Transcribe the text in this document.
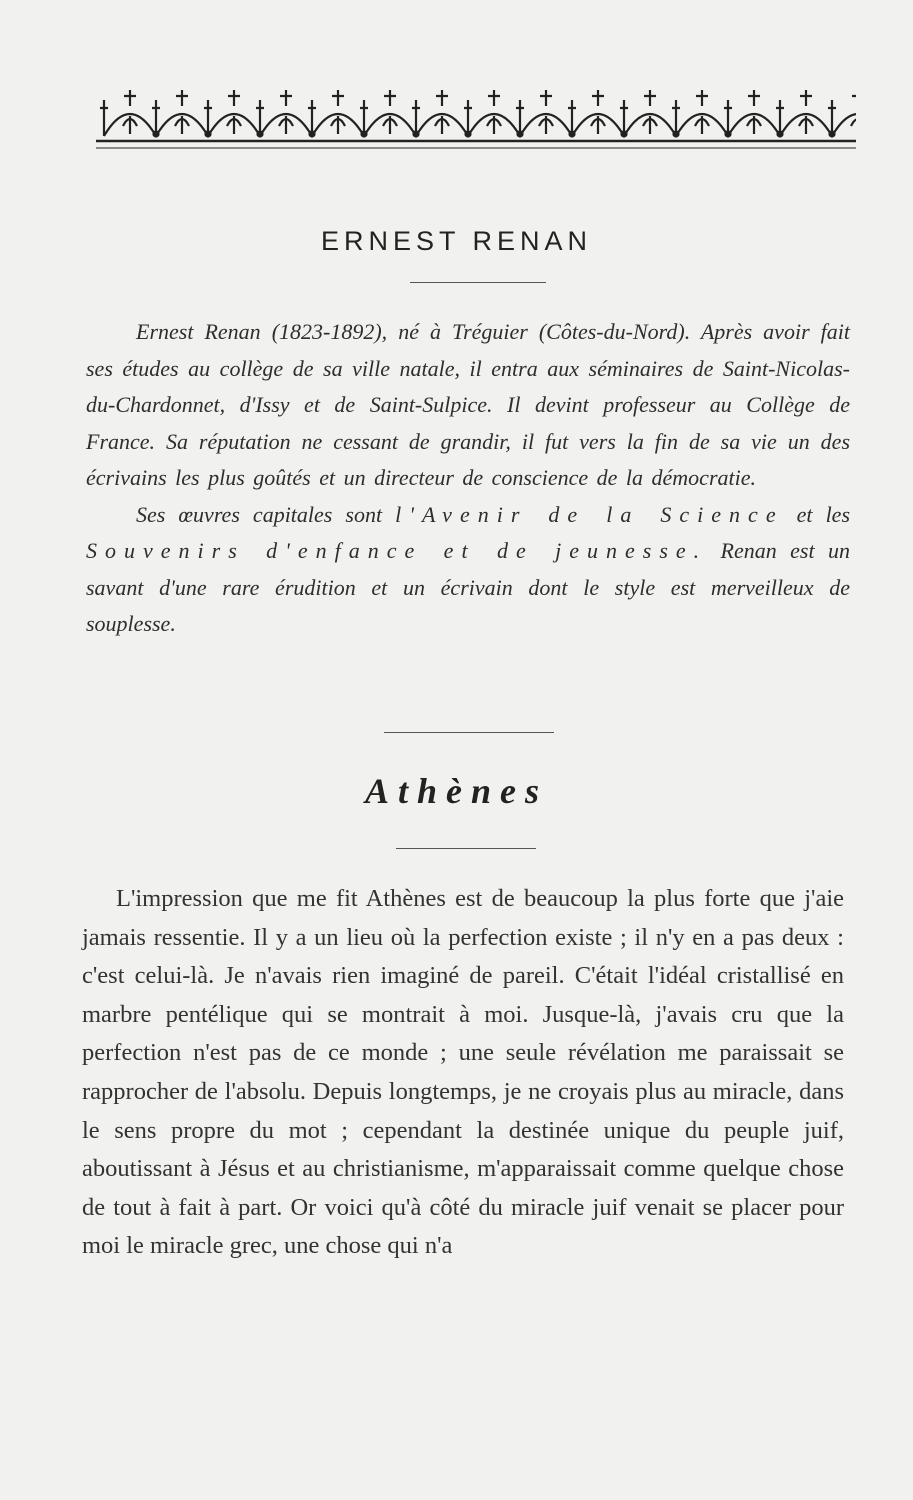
ERNEST RENAN

Ernest Renan (1823-1892), né à Tréguier (Côtes-du-Nord). Après avoir fait ses études au collège de sa ville natale, il entra aux séminaires de Saint-Nicolas-du-Chardonnet, d'Issy et de Saint-Sulpice. Il devint professeur au Collège de France. Sa réputation ne cessant de grandir, il fut vers la fin de sa vie un des écrivains les plus goûtés et un directeur de conscience de la démocratie.

Ses œuvres capitales sont l'Avenir de la Science et les Souvenirs d'enfance et de jeunesse. Renan est un savant d'une rare érudition et un écrivain dont le style est merveilleux de souplesse.

Athènes

L'impression que me fit Athènes est de beaucoup la plus forte que j'aie jamais ressentie. Il y a un lieu où la perfection existe ; il n'y en a pas deux : c'est celui-là. Je n'avais rien imaginé de pareil. C'était l'idéal cristallisé en marbre pentélique qui se montrait à moi. Jusque-là, j'avais cru que la perfection n'est pas de ce monde ; une seule révélation me paraissait se rapprocher de l'absolu. Depuis longtemps, je ne croyais plus au miracle, dans le sens propre du mot ; cependant la destinée unique du peuple juif, aboutissant à Jésus et au christianisme, m'apparaissait comme quelque chose de tout à fait à part. Or voici qu'à côté du miracle juif venait se placer pour moi le miracle grec, une chose qui n'a
